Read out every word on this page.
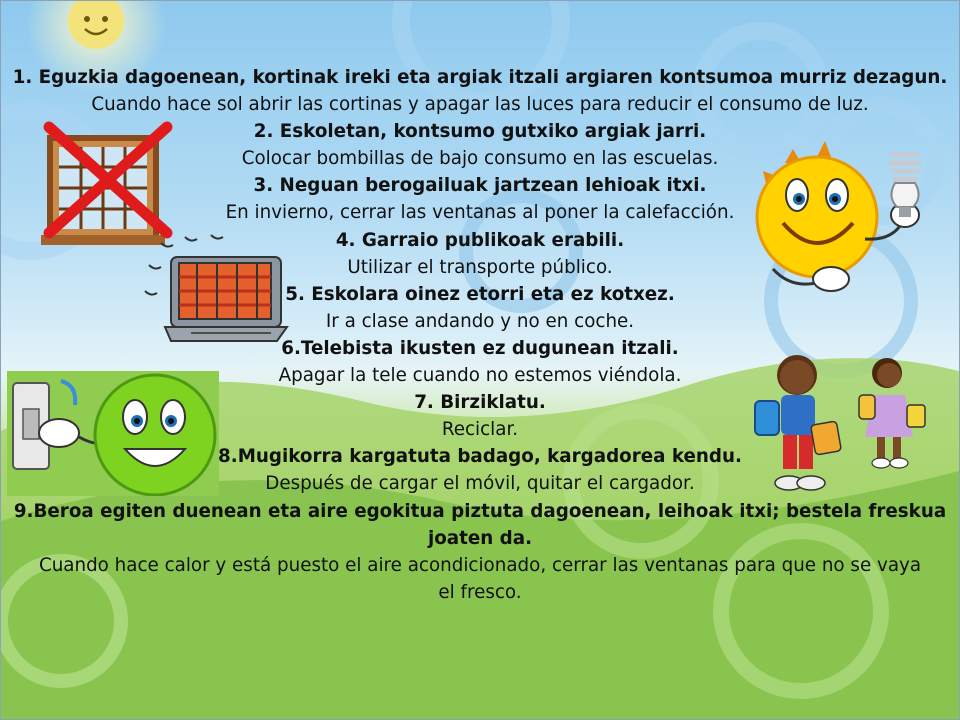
1. Eguzkia dagoenean, kortinak ireki eta argiak itzali argiaren kontsumoa murriz dezagun.
Cuando hace sol abrir las cortinas y apagar las luces para reducir el consumo de luz.
2. Eskoletan, kontsumo gutxiko argiak jarri.
Colocar bombillas de bajo consumo en las escuelas.
3. Neguan berogailuak jartzean lehioak itxi.
En invierno, cerrar las ventanas al poner la calefacción.
4. Garraio publikoak erabili.
Utilizar el transporte público.
5. Eskolara oinez etorri eta ez kotxez.
Ir a clase andando y no en coche.
6.Telebista ikusten ez dugunean itzali.
Apagar la tele cuando no estemos viéndola.
7. Birziklatu.
Reciclar.
8.Mugikorra kargatuta badago, kargadorea kendu.
Después de cargar el móvil, quitar el cargador.
9.Beroa egiten duenean eta aire egokitua piztuta dagoenean, leihoak itxi; bestela freskua
joaten da.
Cuando hace calor y está puesto el aire acondicionado, cerrar las ventanas para que no se vaya
el fresco.
